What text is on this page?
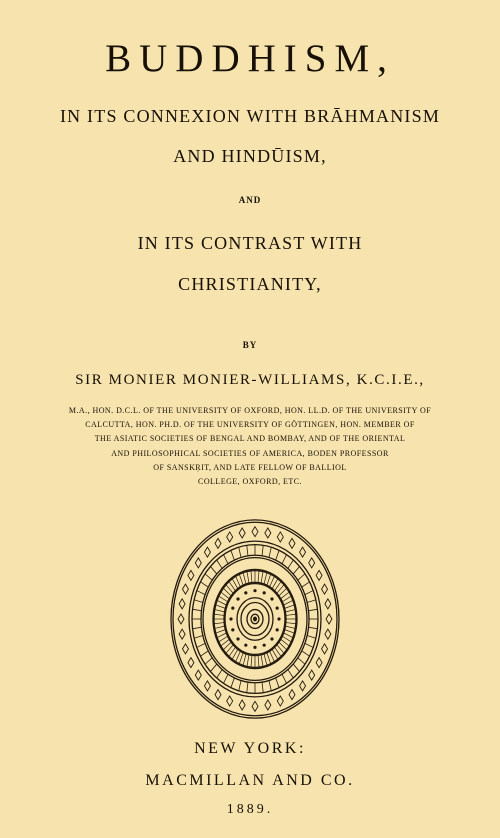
BUDDHISM,
IN ITS CONNEXION WITH BRĀHMANISM
AND HINDŪISM,
AND
IN ITS CONTRAST WITH
CHRISTIANITY,
BY
SIR MONIER MONIER-WILLIAMS, K.C.I.E.,
M.A., HON. D.C.L. OF THE UNIVERSITY OF OXFORD, HON. LL.D. OF THE UNIVERSITY OF
CALCUTTA, HON. PH.D. OF THE UNIVERSITY OF GÖTTINGEN, HON. MEMBER OF
THE ASIATIC SOCIETIES OF BENGAL AND BOMBAY, AND OF THE ORIENTAL
AND PHILOSOPHICAL SOCIETIES OF AMERICA, BODEN PROFESSOR
OF SANSKṚIT, AND LATE FELLOW OF BALLIOL
COLLEGE, OXFORD, ETC.
NEW YORK:
MACMILLAN AND CO.
1889.
